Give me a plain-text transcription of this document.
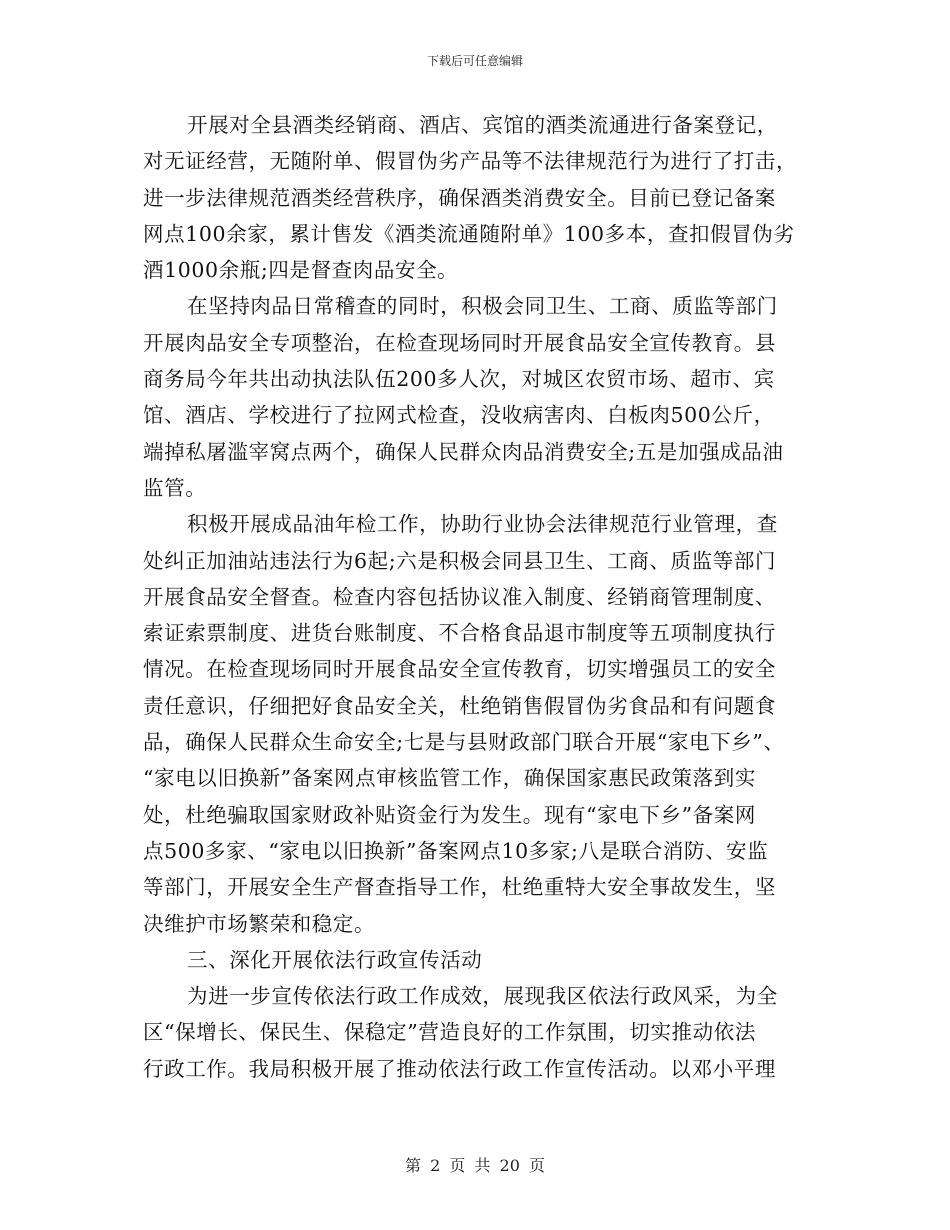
下载后可任意编辑
开展对全县酒类经销商、酒店、宾馆的酒类流通进行备案登记，
对无证经营，无随附单、假冒伪劣产品等不法律规范行为进行了打击，
进一步法律规范酒类经营秩序，确保酒类消费安全。目前已登记备案
网点100余家，累计售发《酒类流通随附单》100多本，查扣假冒伪劣
酒1000余瓶;四是督查肉品安全。
在坚持肉品日常稽查的同时，积极会同卫生、工商、质监等部门
开展肉品安全专项整治，在检查现场同时开展食品安全宣传教育。县
商务局今年共出动执法队伍200多人次，对城区农贸市场、超市、宾
馆、酒店、学校进行了拉网式检查，没收病害肉、白板肉500公斤，
端掉私屠滥宰窝点两个，确保人民群众肉品消费安全;五是加强成品油
监管。
积极开展成品油年检工作，协助行业协会法律规范行业管理，查
处纠正加油站违法行为6起;六是积极会同县卫生、工商、质监等部门
开展食品安全督查。检查内容包括协议准入制度、经销商管理制度、
索证索票制度、进货台账制度、不合格食品退市制度等五项制度执行
情况。在检查现场同时开展食品安全宣传教育，切实增强员工的安全
责任意识，仔细把好食品安全关，杜绝销售假冒伪劣食品和有问题食
品，确保人民群众生命安全;七是与县财政部门联合开展“家电下乡”、
“家电以旧换新”备案网点审核监管工作，确保国家惠民政策落到实
处，杜绝骗取国家财政补贴资金行为发生。现有“家电下乡”备案网
点500多家、“家电以旧换新”备案网点10多家;八是联合消防、安监
等部门，开展安全生产督查指导工作，杜绝重特大安全事故发生，坚
决维护市场繁荣和稳定。
三、深化开展依法行政宣传活动
为进一步宣传依法行政工作成效，展现我区依法行政风采，为全
区“保增长、保民生、保稳定”营造良好的工作氛围，切实推动依法
行政工作。我局积极开展了推动依法行政工作宣传活动。以邓小平理
第 2 页 共 20 页
